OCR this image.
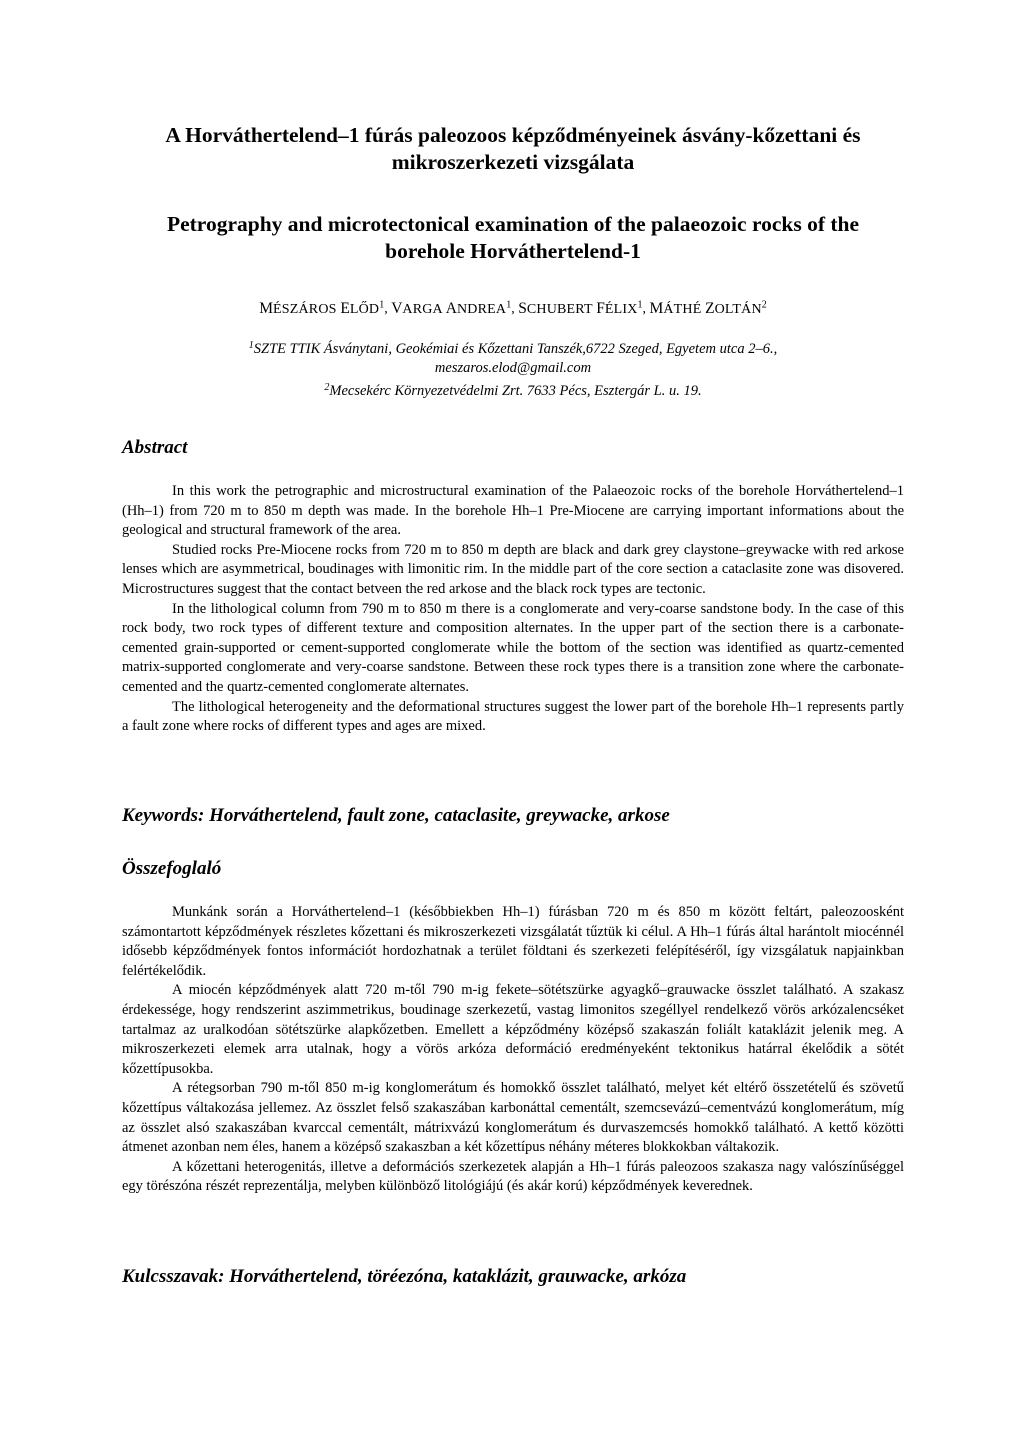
A Horváthertelend–1 fúrás paleozoos képződményeinek ásvány-kőzettani és
mikroszerkezeti vizsgálata
Petrography and microtectonical examination of the palaeozoic rocks of the
borehole Horváthertelend-1
MÉSZÁROS ELŐD$^1$, VARGA ANDREA$^1$, SCHUBERT FÉLIX$^1$, MÁTHÉ ZOLTÁN$^2$
$^1$SZTE TTIK Ásványtani, Geokémiai és Kőzettani Tanszék,6722 Szeged, Egyetem utca 2–6.,
meszaros.elod@gmail.com
$^2$Mecsekérc Környezetvédelmi Zrt. 7633 Pécs, Esztergár L. u. 19.
Abstract

In this work the petrographic and microstructural examination of the Palaeozoic rocks of the borehole Horváthertelend–1 (Hh–1) from 720 m to 850 m depth was made. In the borehole Hh–1 Pre-Miocene are carrying important informations about the geological and structural framework of the area.

Studied rocks Pre-Miocene rocks from 720 m to 850 m depth are black and dark grey claystone–greywacke with red arkose lenses which are asymmetrical, boudinages with limonitic rim. In the middle part of the core section a cataclasite zone was disovered. Microstructures suggest that the contact betveen the red arkose and the black rock types are tectonic.

In the lithological column from 790 m to 850 m there is a conglomerate and very-coarse sandstone body. In the case of this rock body, two rock types of different texture and composition alternates. In the upper part of the section there is a carbonate-cemented grain-supported or cement-supported conglomerate while the bottom of the section was identified as quartz-cemented matrix-supported conglomerate and very-coarse sandstone. Between these rock types there is a transition zone where the carbonate-cemented and the quartz-cemented conglomerate alternates.

The lithological heterogeneity and the deformational structures suggest the lower part of the borehole Hh–1 represents partly a fault zone where rocks of different types and ages are mixed.

Keywords: Horváthertelend, fault zone, cataclasite, greywacke, arkose
Összefoglaló

Munkánk során a Horváthertelend–1 (későbbiekben Hh–1) fúrásban 720 m és 850 m között feltárt, paleozoosként számontartott képződmények részletes kőzettani és mikroszerkezeti vizsgálatát tűztük ki célul. A Hh–1 fúrás által harántolt miocénnél idősebb képződmények fontos információt hordozhatnak a terület földtani és szerkezeti felépítéséről, így vizsgálatuk napjainkban felértékelődik.

A miocén képződmények alatt 720 m-től 790 m-ig fekete–sötétszürke agyagkő–grauwacke összlet található. A szakasz érdekessége, hogy rendszerint aszimmetrikus, boudinage szerkezetű, vastag limonitos szegéllyel rendelkező vörös arkózalencséket tartalmaz az uralkodóan sötétszürke alapkőzetben. Emellett a képződmény középső szakaszán foliált kataklázit jelenik meg. A mikroszerkezeti elemek arra utalnak, hogy a vörös arkóza deformáció eredményeként tektonikus határral ékelődik a sötét kőzettípusokba.

A rétegsorban 790 m-től 850 m-ig konglomerátum és homokkő összlet található, melyet két eltérő összetételű és szövetű kőzettípus váltakozása jellemez. Az összlet felső szakaszában karbonáttal cementált, szemcsevázú–cementvázú konglomerátum, míg az összlet alsó szakaszában kvarccal cementált, mátrixvázú konglomerátum és durvaszemcsés homokkő található. A kettő közötti átmenet azonban nem éles, hanem a középső szakaszban a két kőzettípus néhány méteres blokkokban váltakozik.

A kőzettani heterogenitás, illetve a deformációs szerkezetek alapján a Hh–1 fúrás paleozoos szakasza nagy valószínűséggel egy törészóna részét reprezentálja, melyben különböző litológiájú (és akár korú) képződmények keverednek.

Kulcsszavak: Horváthertelend, töréezóna, kataklázit, grauwacke, arkóza
